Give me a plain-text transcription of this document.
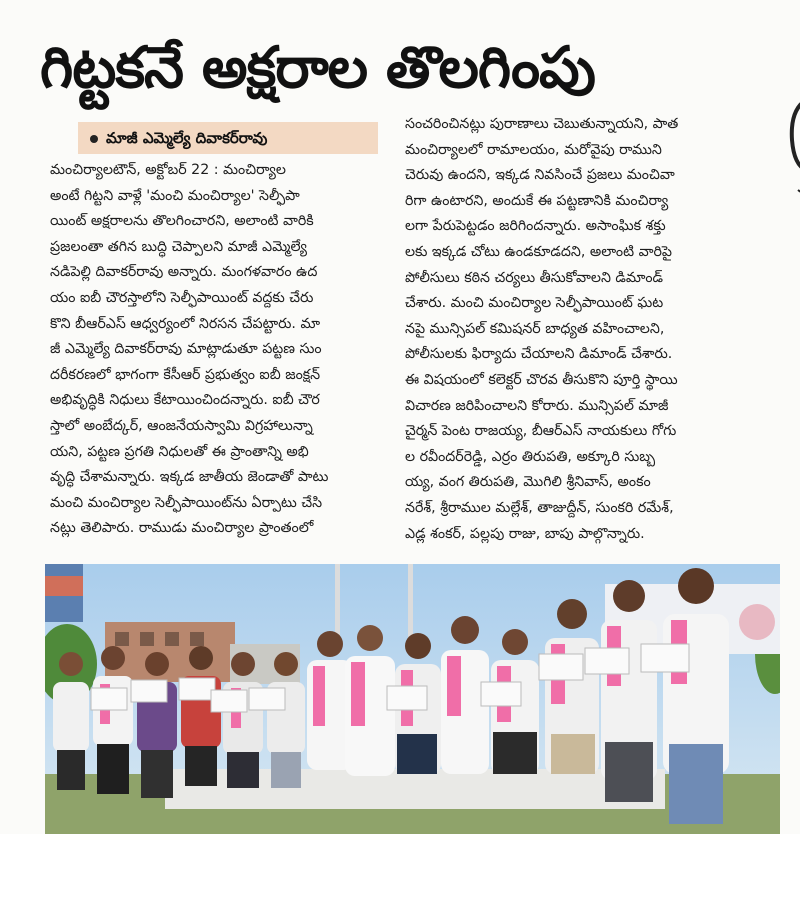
గిట్టకనే అక్షరాల తొలగింపు
మాజీ ఎమ్మెల్యే దివాకర్‌రావు

మంచిర్యాలటౌన్‌, అక్టోబర్‌ 22 : మంచిర్యాల

అంటే గిట్టని వాళ్లే 'మంచి మంచిర్యాల' సెల్ఫీపా

యింట్‌ అక్షరాలను తొలగించారని, అలాంటి వారికి

ప్రజలంతా తగిన బుద్ధి చెప్పాలని మాజీ ఎమ్మెల్యే

నడిపెల్లి దివాకర్‌రావు అన్నారు. మంగళవారం ఉద

యం ఐబీ చౌరస్తాలోని సెల్ఫీపాయింట్‌ వద్దకు చేరు

కొని బీఆర్‌ఎస్‌ ఆధ్వర్యంలో నిరసన చేపట్టారు. మా

జీ ఎమ్మెల్యే దివాకర్‌రావు మాట్లాడుతూ పట్టణ సుం

దరీకరణలో భాగంగా కేసీఆర్‌ ప్రభుత్వం ఐబీ జంక్షన్‌

అభివృద్ధికి నిధులు కేటాయించిందన్నారు. ఐబీ చౌర

స్తాలో అంబేద్కర్‌, ఆంజనేయస్వామి విగ్రహాలున్నా

యని, పట్టణ ప్రగతి నిధులతో ఈ ప్రాంతాన్ని అభి

వృద్ధి చేశామన్నారు. ఇక్కడ జాతీయ జెండాతో పాటు

మంచి మంచిర్యాల సెల్ఫీపాయింట్‌ను ఏర్పాటు చేసి

నట్లు తెలిపారు. రాముడు మంచిర్యాల ప్రాంతంలో

సంచరించినట్లు పురాణాలు చెబుతున్నాయని, పాత

మంచిర్యాలలో రామాలయం, మరోవైపు రాముని

చెరువు ఉందని, ఇక్కడ నివసించే ప్రజలు మంచివా

రిగా ఉంటారని, అందుకే ఈ పట్టణానికి మంచిర్యా

లగా పేరుపెట్టడం జరిగిందన్నారు. అసాంఘిక శక్తు

లకు ఇక్కడ చోటు ఉండకూడదని, అలాంటి వారిపై

పోలీసులు కఠిన చర్యలు తీసుకోవాలని డిమాండ్‌

చేశారు. మంచి మంచిర్యాల సెల్ఫీపాయింట్‌ ఘట

నపై మున్సిపల్‌ కమిషనర్‌ బాధ్యత వహించాలని,

పోలీసులకు ఫిర్యాదు చేయాలని డిమాండ్‌ చేశారు.

ఈ విషయంలో కలెక్టర్‌ చొరవ తీసుకొని పూర్తి స్థాయి

విచారణ జరిపించాలని కోరారు. మున్సిపల్‌ మాజీ

చైర్మన్‌ పెంట రాజయ్య, బీఆర్‌ఎస్‌ నాయకులు గోగు

ల రవీందర్‌రెడ్డి, ఎర్రం తిరుపతి, అక్కూరి సుబ్బ

య్య, వంగ తిరుపతి, మొగిలి శ్రీనివాస్‌, అంకం

నరేశ్‌, శ్రీరాముల మల్లేశ్‌, తాజుద్దీన్‌, సుంకరి రమేశ్‌,

ఎడ్ల శంకర్‌, పల్లపు రాజు, బాపు పాల్గొన్నారు.
